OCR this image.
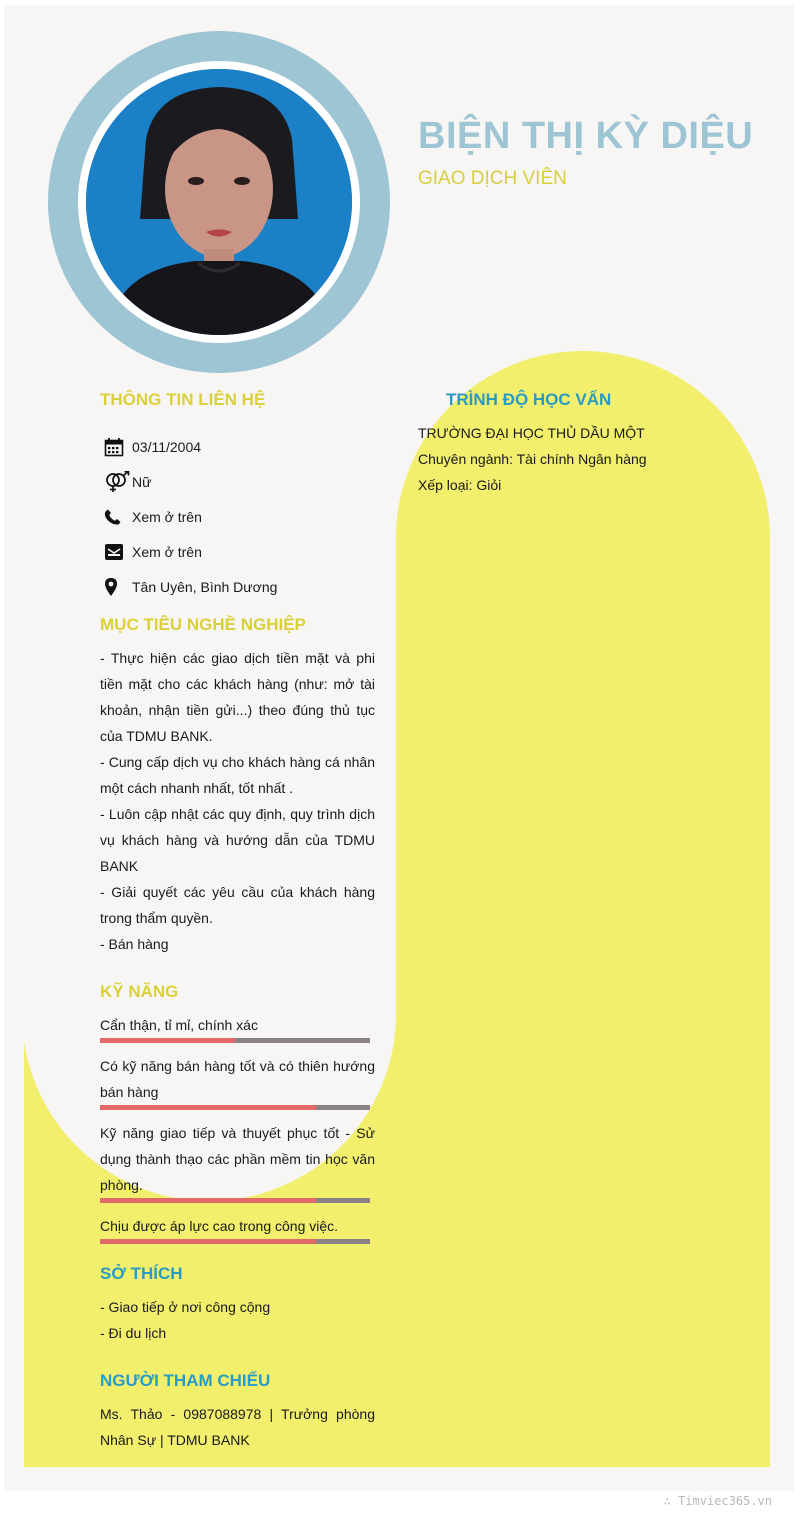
BIỆN THỊ KỲ DIỆU
GIAO DỊCH VIÊN
THÔNG TIN LIÊN HỆ
03/11/2004
Nữ
Xem ở trên
Xem ở trên
Tân Uyên, Bình Dương
MỤC TIÊU NGHỀ NGHIỆP

- Thực hiện các giao dịch tiền mặt và phi tiền mặt cho các khách hàng (như: mở tài khoản, nhận tiền gửi...) theo đúng thủ tục của TDMU BANK.

- Cung cấp dịch vụ cho khách hàng cá nhân một cách nhanh nhất, tốt nhất .

- Luôn cập nhật các quy định, quy trình dịch vụ khách hàng và hướng dẫn của TDMU BANK

- Giải quyết các yêu cầu của khách hàng trong thẩm quyền.

- Bán hàng

TRÌNH ĐỘ HỌC VẤN
TRƯỜNG ĐẠI HỌC THỦ DẦU MỘT
Chuyên ngành: Tài chính Ngân hàng
Xếp loại: Giỏi
KỸ NĂNG
Cẩn thận, tỉ mỉ, chính xác
Có kỹ năng bán hàng tốt và có thiên hướng bán hàng
Kỹ năng giao tiếp và thuyết phục tốt - Sử dụng thành thạo các phần mềm tin học văn phòng.
Chịu được áp lực cao trong công việc.
SỞ THÍCH
- Giao tiếp ở nơi công cộng
- Đi du lịch
NGƯỜI THAM CHIẾU
Ms. Thảo - 0987088978 | Trưởng phòng Nhân Sự | TDMU BANK
∴ Timviec365.vn
